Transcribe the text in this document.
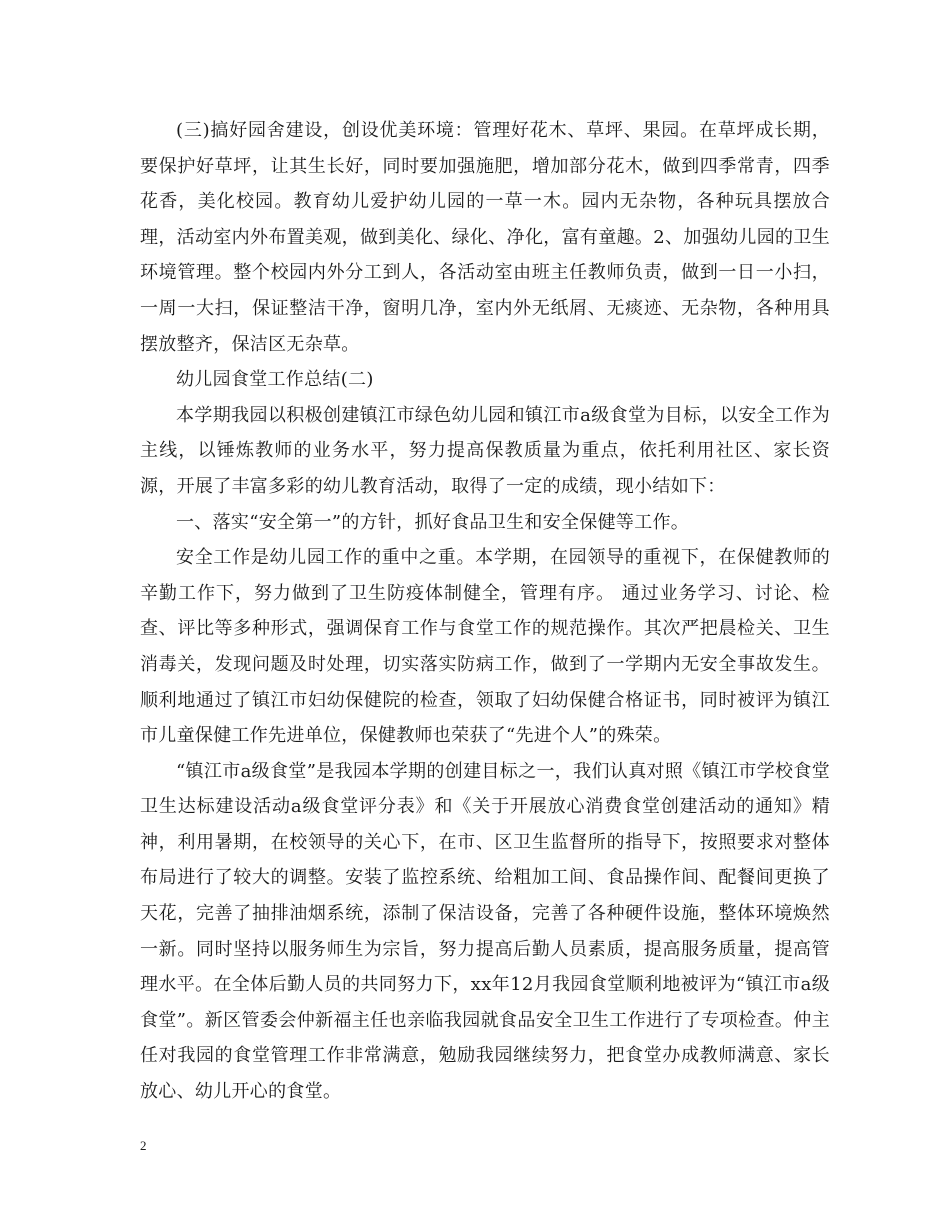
(三)搞好园舍建设，创设优美环境：管理好花木、草坪、果园。在草坪成长期，要保护好草坪，让其生长好，同时要加强施肥，增加部分花木，做到四季常青，四季花香，美化校园。教育幼儿爱护幼儿园的一草一木。园内无杂物，各种玩具摆放合理，活动室内外布置美观，做到美化、绿化、净化，富有童趣。2、加强幼儿园的卫生环境管理。整个校园内外分工到人，各活动室由班主任教师负责，做到一日一小扫，一周一大扫，保证整洁干净，窗明几净，室内外无纸屑、无痰迹、无杂物，各种用具摆放整齐，保洁区无杂草。

幼儿园食堂工作总结(二)

本学期我园以积极创建镇江市绿色幼儿园和镇江市a级食堂为目标，以安全工作为主线，以锤炼教师的业务水平，努力提高保教质量为重点，依托利用社区、家长资源，开展了丰富多彩的幼儿教育活动，取得了一定的成绩，现小结如下：

一、落实“安全第一”的方针，抓好食品卫生和安全保健等工作。

安全工作是幼儿园工作的重中之重。本学期，在园领导的重视下，在保健教师的辛勤工作下，努力做到了卫生防疫体制健全，管理有序。 通过业务学习、讨论、检查、评比等多种形式，强调保育工作与食堂工作的规范操作。其次严把晨检关、卫生消毒关，发现问题及时处理，切实落实防病工作，做到了一学期内无安全事故发生。顺利地通过了镇江市妇幼保健院的检查，领取了妇幼保健合格证书，同时被评为镇江市儿童保健工作先进单位，保健教师也荣获了“先进个人”的殊荣。

“镇江市a级食堂”是我园本学期的创建目标之一，我们认真对照《镇江市学校食堂卫生达标建设活动a级食堂评分表》和《关于开展放心消费食堂创建活动的通知》精神，利用暑期，在校领导的关心下，在市、区卫生监督所的指导下，按照要求对整体布局进行了较大的调整。安装了监控系统、给粗加工间、食品操作间、配餐间更换了天花，完善了抽排油烟系统，添制了保洁设备，完善了各种硬件设施，整体环境焕然一新。同时坚持以服务师生为宗旨，努力提高后勤人员素质，提高服务质量，提高管理水平。在全体后勤人员的共同努力下，xx年12月我园食堂顺利地被评为“镇江市a级食堂”。新区管委会仲新福主任也亲临我园就食品安全卫生工作进行了专项检查。仲主任对我园的食堂管理工作非常满意，勉励我园继续努力，把食堂办成教师满意、家长放心、幼儿开心的食堂。

2
